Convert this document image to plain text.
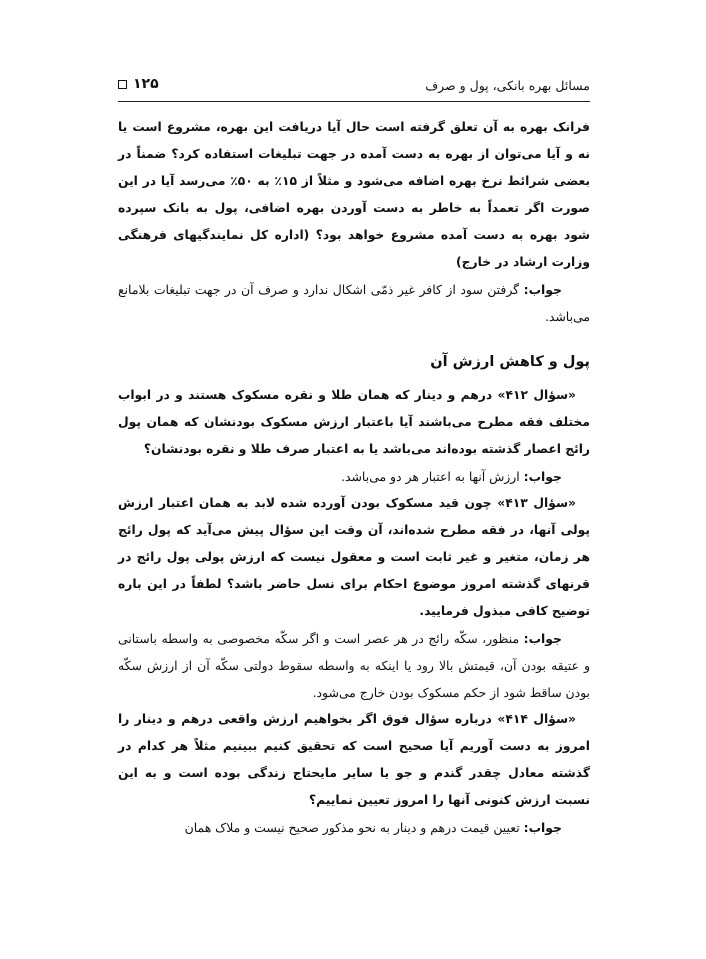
مسائل بهره بانکی، پول و صرف
۱۲۵

فرانک بهره به آن تعلق گرفته است حال آیا دریافت این بهره، مشروع است یا نه و آیا می‌توان از بهره به دست آمده در جهت تبلیغات استفاده کرد؟ ضمناً در بعضی شرائط نرخ بهره اضافه می‌شود و مثلاً از ۱۵٪ به ۵۰٪ می‌رسد آیا در این صورت اگر تعمداً به خاطر به دست آوردن بهره اضافی، پول به بانک سپرده شود بهره به دست آمده مشروع خواهد بود؟ (اداره کل نمایندگیهای فرهنگی وزارت ارشاد در خارج)

جواب: گرفتن سود از کافر غیر ذمّی اشکال ندارد و صرف آن در جهت تبلیغات بلامانع می‌باشد.

پول و کاهش ارزش آن

«سؤال ۴۱۲» درهم و دینار که همان طلا و نقره مسکوک هستند و در ابواب مختلف فقه مطرح می‌باشند آیا باعتبار ارزش مسکوک بودنشان که همان پول رائج اعصار گذشته بوده‌اند می‌باشد یا به اعتبار صرف طلا و نقره بودنشان؟

جواب: ارزش آنها به اعتبار هر دو می‌باشد.

«سؤال ۴۱۳» چون قید مسکوک بودن آورده شده لابد به همان اعتبار ارزش پولی آنها، در فقه مطرح شده‌اند، آن وقت این سؤال پیش می‌آید که پول رائج هر زمان، متغیر و غیر ثابت است و معقول نیست که ارزش پولی پول رائج در قرنهای گذشته امروز موضوع احکام برای نسل حاضر باشد؟ لطفاً در این باره توضیح کافی مبذول فرمایید.

جواب: منظور، سکّه رائج در هر عصر است و اگر سکّه مخصوصی به واسطه باستانی و عتیقه بودن آن، قیمتش بالا رود یا اینکه به واسطه سقوط دولتی سکّه آن از ارزش سکّه بودن ساقط شود از حکم مسکوک بودن خارج می‌شود.

«سؤال ۴۱۴» درباره سؤال فوق اگر بخواهیم ارزش واقعی درهم و دینار را امروز به دست آوریم آیا صحیح است که تحقیق کنیم ببینیم مثلاً هر کدام در گذشته معادل چقدر گندم و جو یا سایر مایحتاج زندگی بوده است و به این نسبت ارزش کنونی آنها را امروز تعیین نماییم؟

جواب: تعیین قیمت درهم و دینار به نحو مذکور صحیح نیست و ملاک همان
